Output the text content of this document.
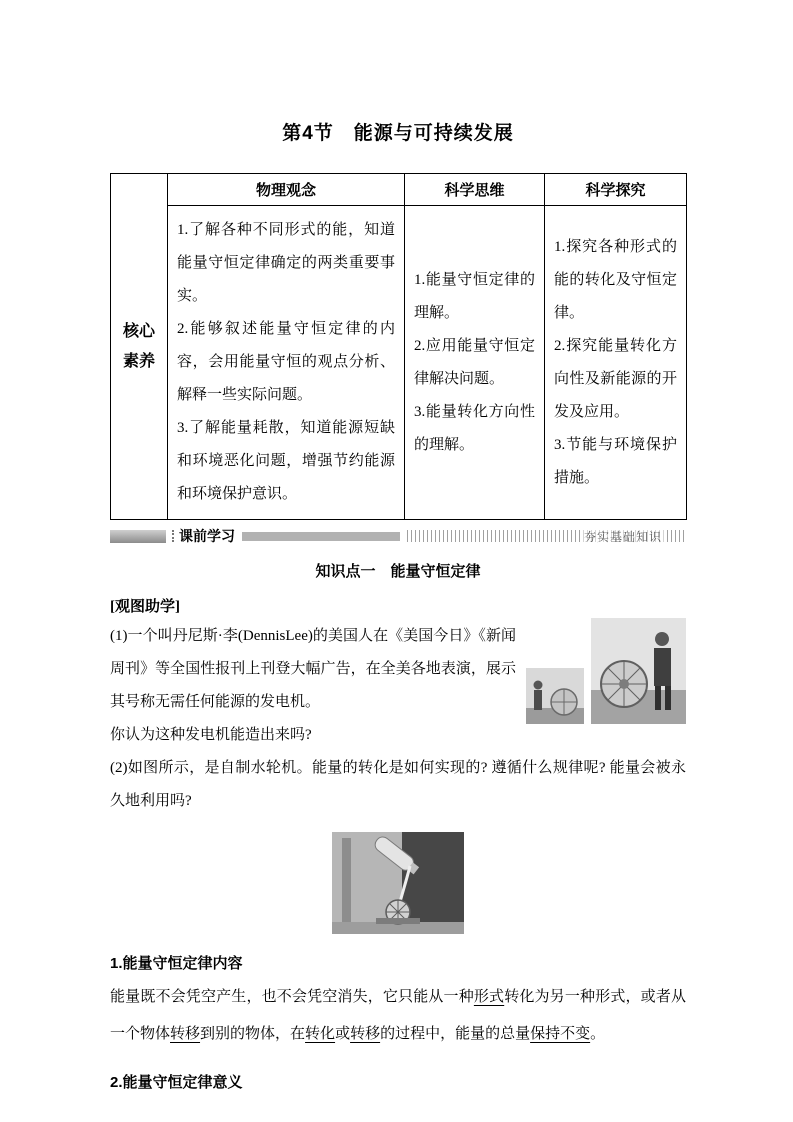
第4节　能源与可持续发展
核心素养	物理观念	科学思维	科学探究

1.了解各种不同形式的能，知道能量守恒定律确定的两类重要事实。
2.能够叙述能量守恒定律的内容，会用能量守恒的观点分析、解释一些实际问题。
3.了解能量耗散，知道能源短缺和环境恶化问题，增强节约能源和环境保护意识。

1.能量守恒定律的理解。
2.应用能量守恒定律解决问题。
3.能量转化方向性的理解。

1.探究各种形式的能的转化及守恒定律。
2.探究能量转化方向性及新能源的开发及应用。
3.节能与环境保护措施。
课前学习	夯实基础知识
知识点一　能量守恒定律
[观图助学]
(1)一个叫丹尼斯·李(DennisLee)的美国人在《美国今日》《新闻周刊》等全国性报刊上刊登大幅广告，在全美各地表演，展示其号称无需任何能源的发电机。
你认为这种发电机能造出来吗?
(2)如图所示，是自制水轮机。能量的转化是如何实现的? 遵循什么规律呢? 能量会被永久地利用吗?
1.能量守恒定律内容

能量既不会凭空产生，也不会凭空消失，它只能从一种形式转化为另一种形式，或者从一个物体转移到别的物体，在转化或转移的过程中，能量的总量保持不变。

2.能量守恒定律意义
